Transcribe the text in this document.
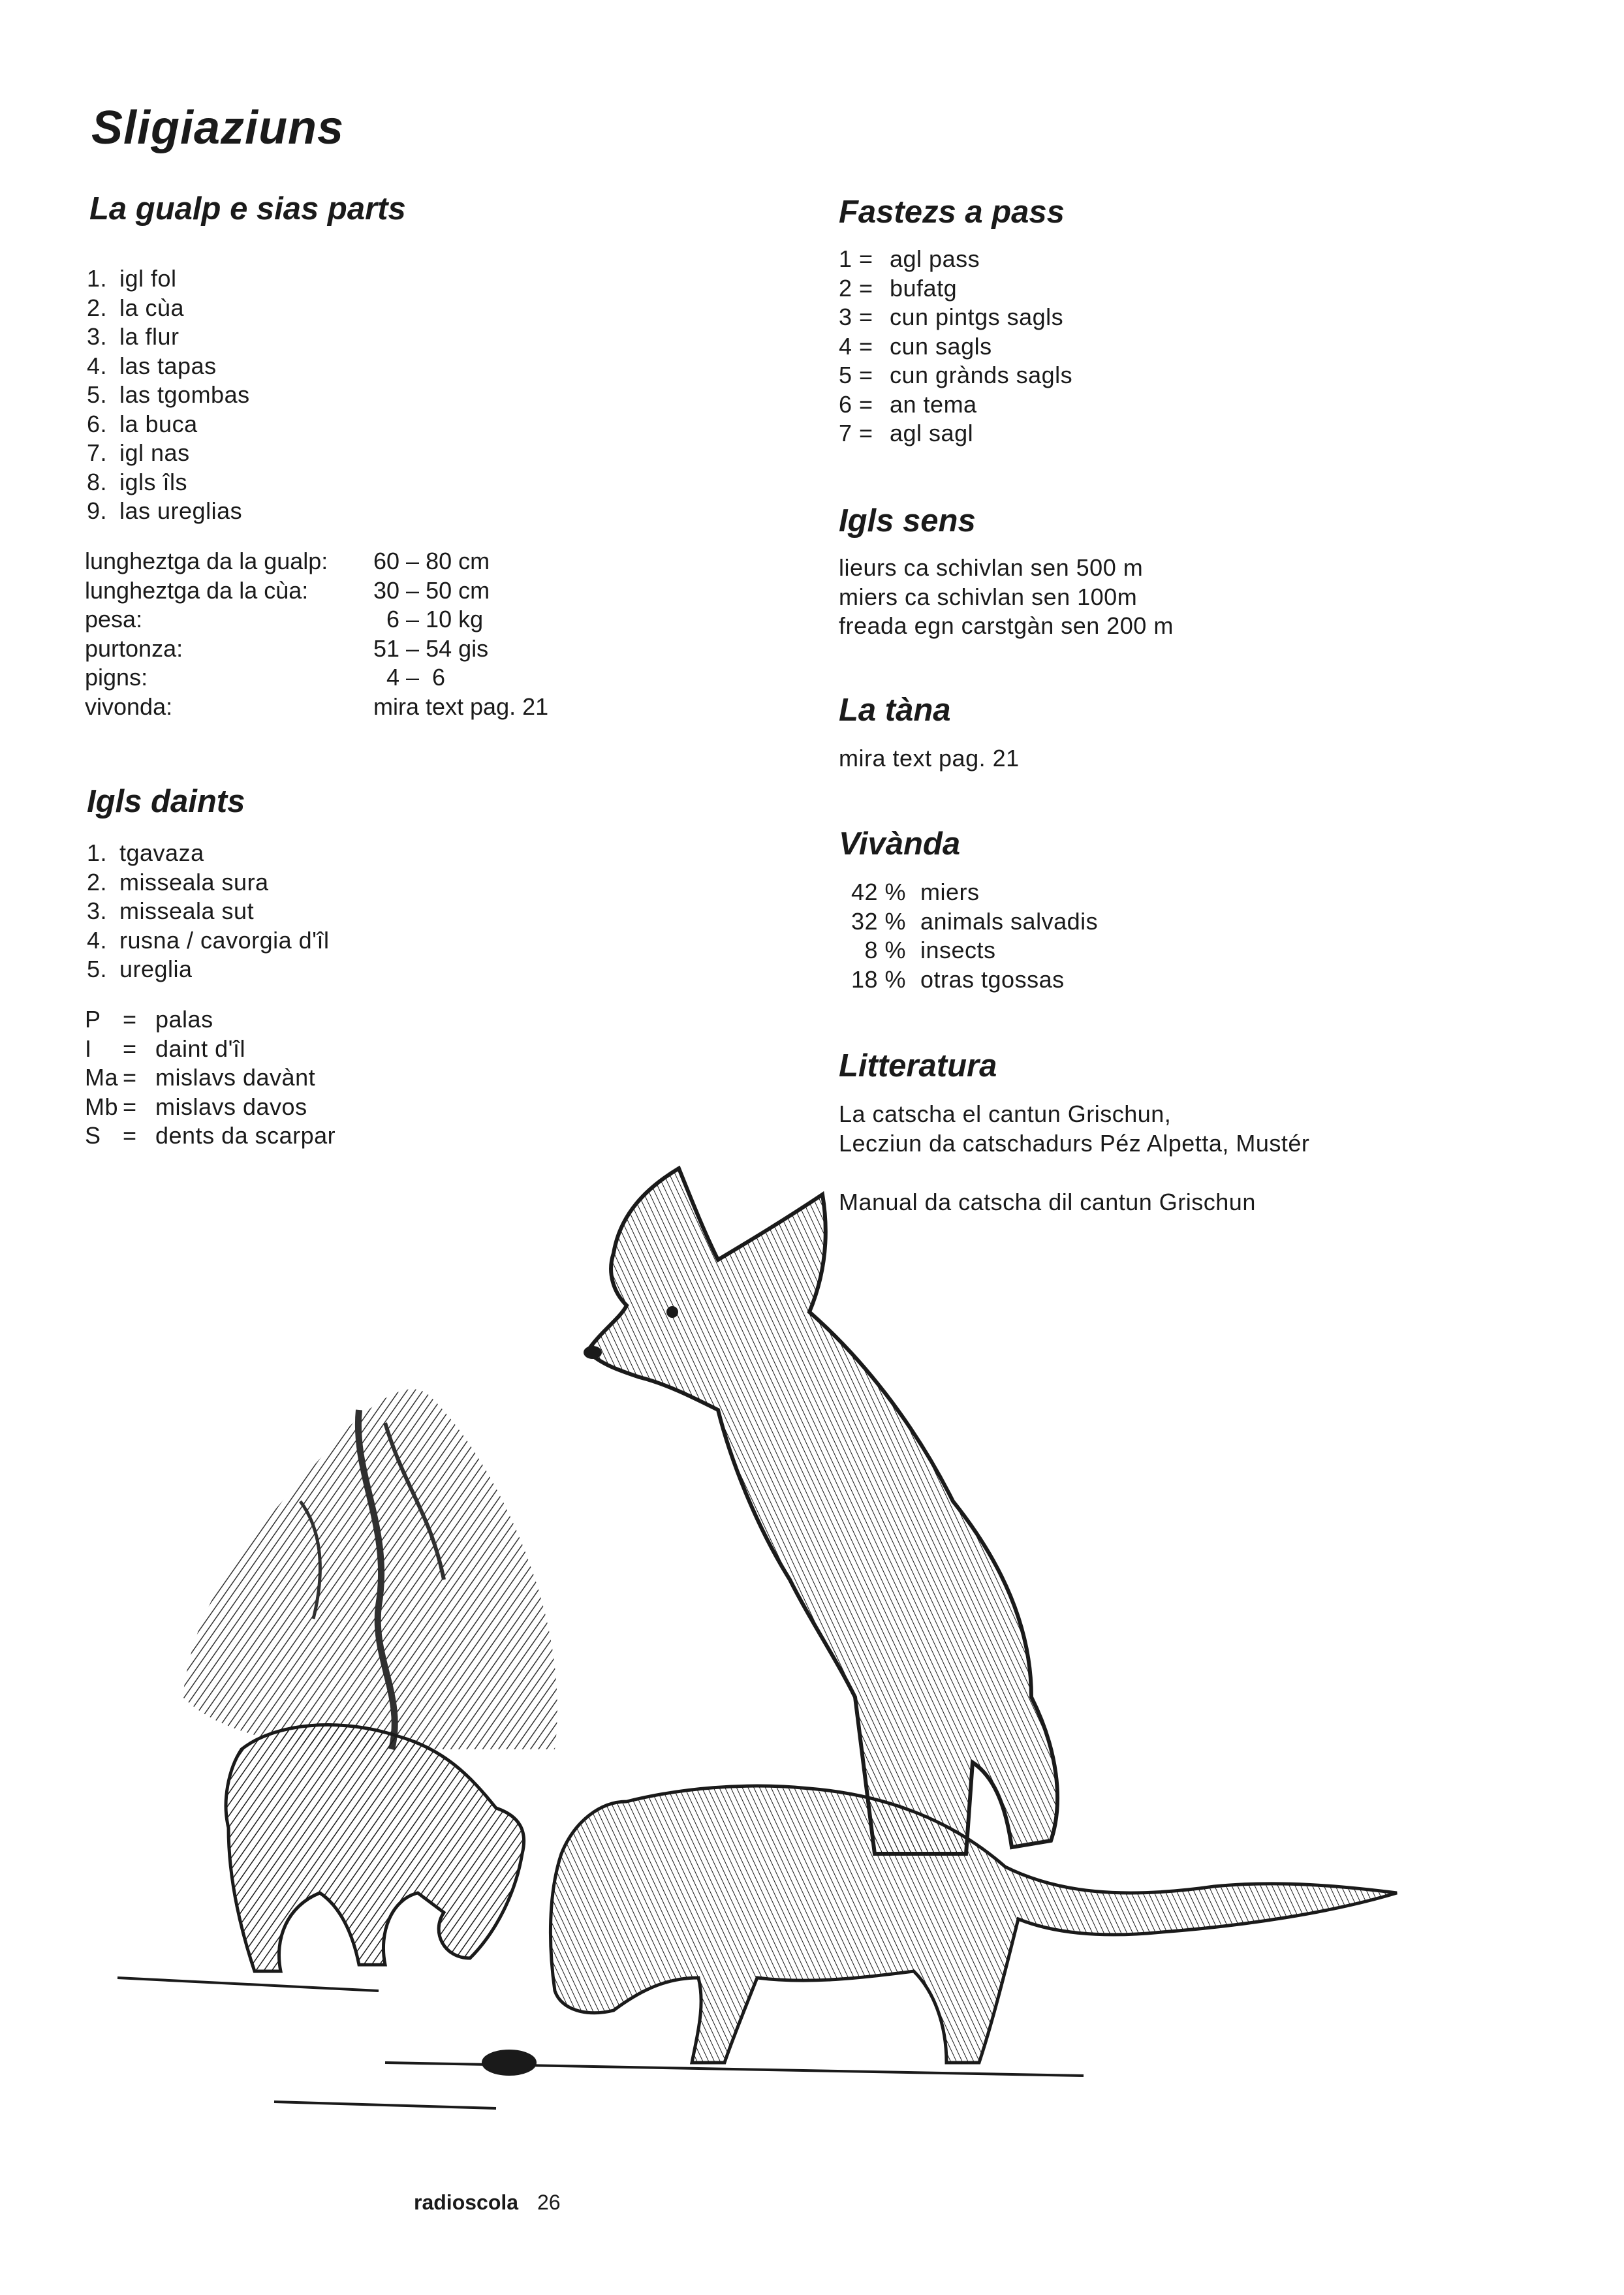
Sligiaziuns
La gualp e sias parts
1. igl fol
2. la cùa
3. la flur
4. las tapas
5. las tgombas
6. la buca
7. igl nas
8. igls îls
9. las ureglias
lungheztga da la gualp:	60 – 80 cm
lungheztga da la cùa:	30 – 50 cm
pesa:	6 – 10 kg
purtonza:	51 – 54 gis
pigns:	4 –  6
vivonda:	mira text pag. 21
Igls daints
1. tgavaza
2. misseala sura
3. misseala sut
4. rusna / cavorgia d'îl
5. ureglia
P = palas
I = daint d'îl
Ma = mislavs davànt
Mb = mislavs davos
S = dents da scarpar
Fastezs a pass
1 = agl pass
2 = bufatg
3 = cun pintgs sagls
4 = cun sagls
5 = cun grànds sagls
6 = an tema
7 = agl sagl
Igls sens
lieurs ca schivlan sen 500 m
miers ca schivlan sen 100m
freada egn carstgàn sen 200 m
La tàna

mira text pag. 21

Vivànda
42 % miers
32 % animals salvadis
8 % insects
18 % otras tgossas
Litteratura
La catscha el cantun Grischun,
Lecziun da catschadurs Péz Alpetta, Mustér

Manual da catscha dil cantun Grischun

radioscola 26
